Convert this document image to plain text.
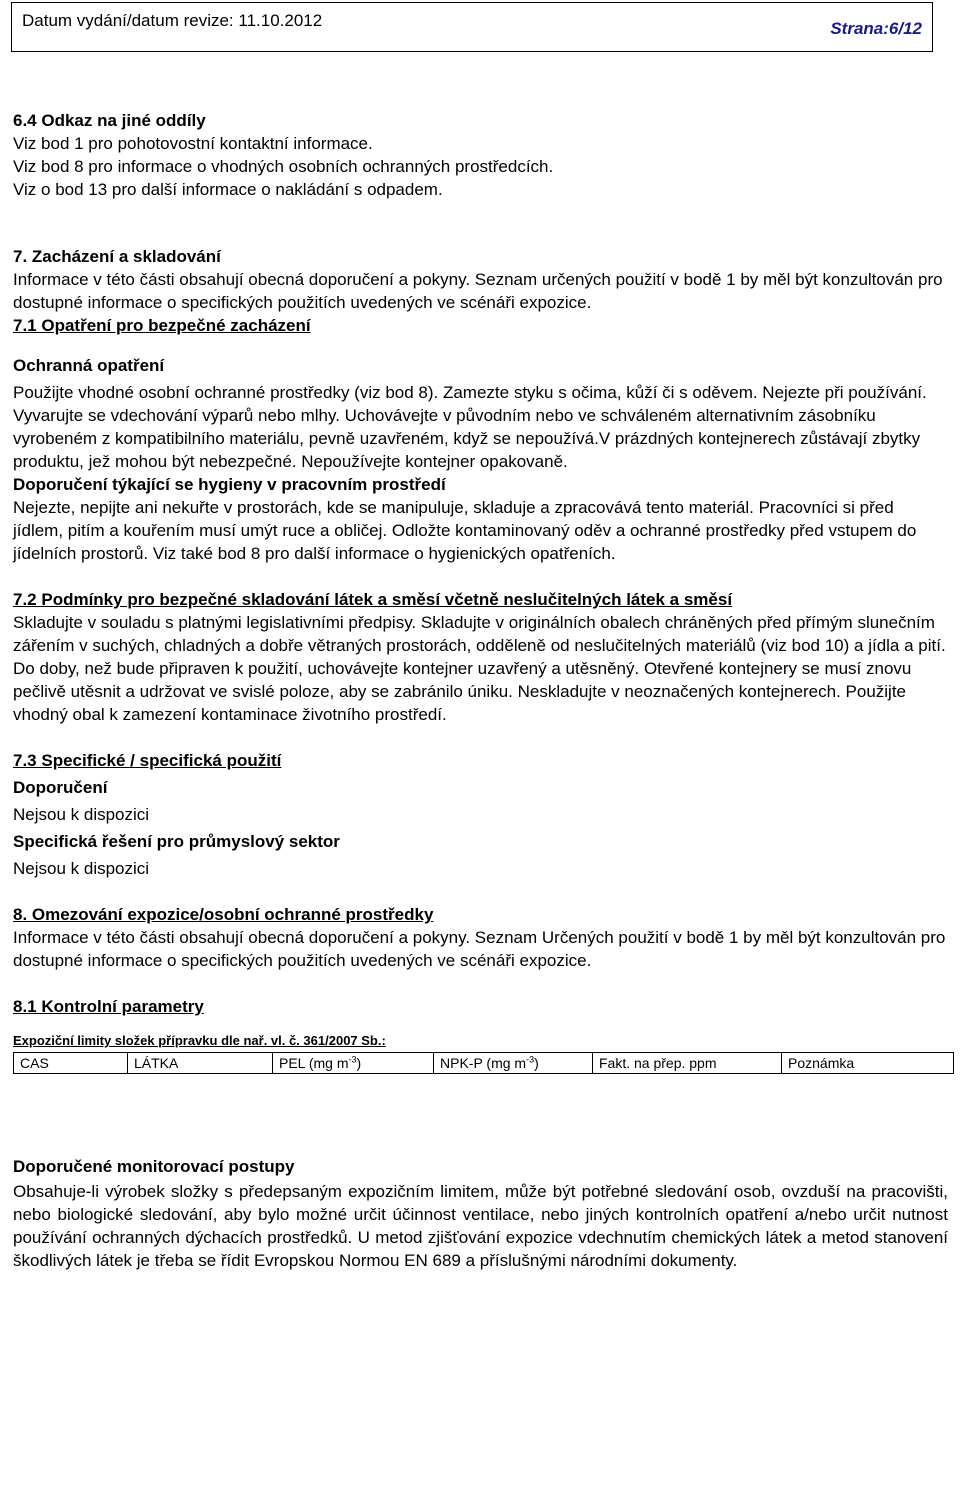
Datum vydání/datum revize: 11.10.2012	Strana:6/12

6.4 Odkaz na jiné oddíly

Viz bod 1 pro pohotovostní kontaktní informace.

Viz bod 8 pro informace o vhodných osobních ochranných prostředcích.

Viz o bod 13 pro další informace o nakládání s odpadem.

7. Zacházení a skladování

Informace v této části obsahují obecná doporučení a pokyny. Seznam určených použití v bodě 1 by měl být konzultován pro dostupné informace o specifických použitích uvedených ve scénáři expozice.

7.1 Opatření pro bezpečné zacházení

Ochranná opatření

Použijte vhodné osobní ochranné prostředky (viz bod 8). Zamezte styku s očima, kůží či s oděvem. Nejezte při používání. Vyvarujte se vdechování výparů nebo mlhy. Uchovávejte v původním nebo ve schváleném alternativním zásobníku vyrobeném z kompatibilního materiálu, pevně uzavřeném, když se nepoužívá.V prázdných kontejnerech zůstávají zbytky produktu, jež mohou být nebezpečné. Nepoužívejte kontejner opakovaně.

Doporučení týkající se hygieny v pracovním prostředí

Nejezte, nepijte ani nekuřte v prostorách, kde se manipuluje, skladuje a zpracovává tento materiál. Pracovníci si před jídlem, pitím a kouřením musí umýt ruce a obličej. Odložte kontaminovaný oděv a ochranné prostředky před vstupem do jídelních prostorů. Viz také bod 8 pro další informace o hygienických opatřeních.

7.2 Podmínky pro bezpečné skladování látek a směsí včetně neslučitelných látek a směsí

Skladujte v souladu s platnými legislativními předpisy. Skladujte v originálních obalech chráněných před přímým slunečním zářením v suchých, chladných a dobře větraných prostorách, odděleně od neslučitelných materiálů (viz bod 10) a jídla a pití. Do doby, než bude připraven k použití, uchovávejte kontejner uzavřený a utěsněný. Otevřené kontejnery se musí znovu pečlivě utěsnit a udržovat ve svislé poloze, aby se zabránilo úniku. Neskladujte v neoznačených kontejnerech. Použijte vhodný obal k zamezení kontaminace životního prostředí.

7.3 Specifické / specifická použití

Doporučení

Nejsou k dispozici

Specifická řešení pro průmyslový sektor

Nejsou k dispozici

8. Omezování expozice/osobní ochranné prostředky

Informace v této části obsahují obecná doporučení a pokyny. Seznam Určených použití v bodě 1 by měl být konzultován pro dostupné informace o specifických použitích uvedených ve scénáři expozice.

8.1 Kontrolní parametry

Expoziční limity složek přípravku dle nař. vl. č. 361/2007 Sb.:

CAS	LÁTKA	PEL (mg $m^{-3}$)	NPK-P (mg $m^{-3}$)	Fakt. na přep. ppm	Poznámka

Doporučené monitorovací postupy

Obsahuje-li výrobek složky s předepsaným expozičním limitem, může být potřebné sledování osob, ovzduší na pracovišti, nebo biologické sledování, aby bylo možné určit účinnost ventilace, nebo jiných kontrolních opatření a/nebo určit nutnost používání ochranných dýchacích prostředků. U metod zjišťování expozice vdechnutím chemických látek a metod stanovení škodlivých látek je třeba se řídit Evropskou Normou EN 689 a příslušnými národními dokumenty.
